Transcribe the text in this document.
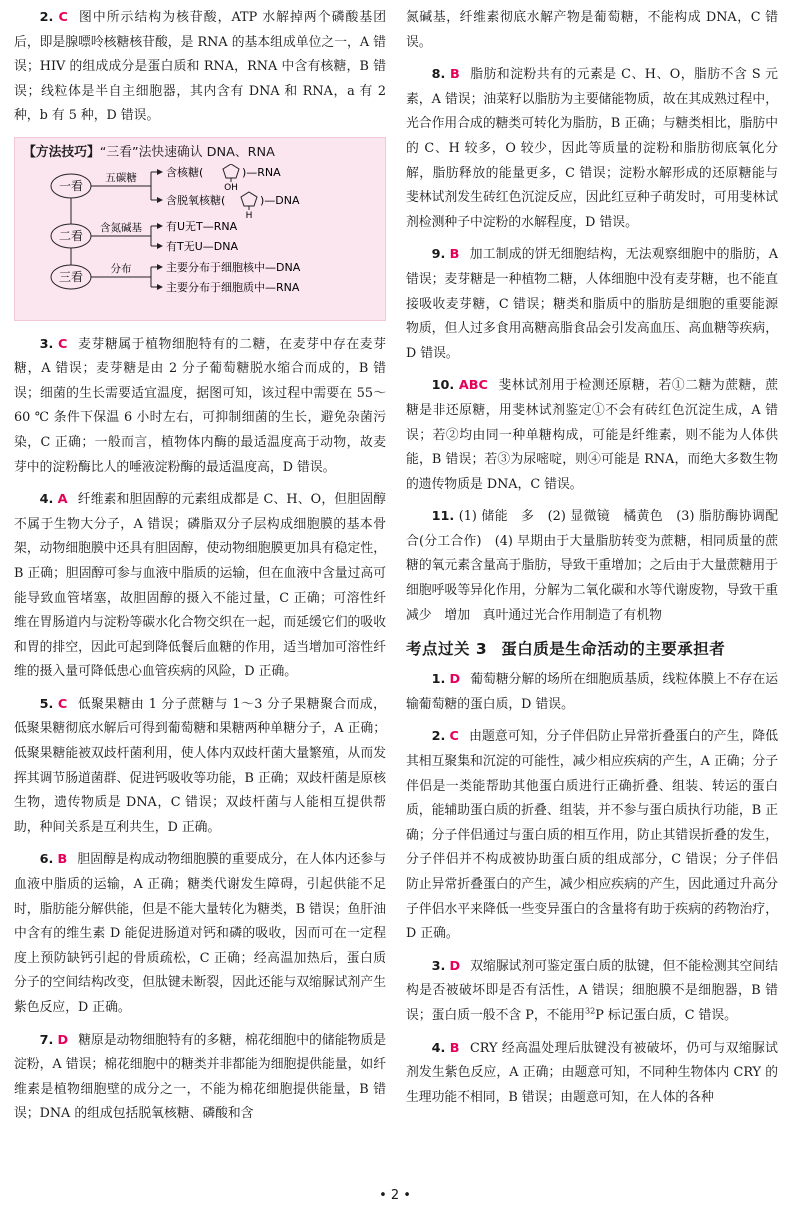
2. C 图中所示结构为核苷酸，ATP 水解掉两个磷酸基团后，即是腺嘌呤核糖核苷酸，是 RNA 的基本组成单位之一，A 错误；HIV 的组成成分是蛋白质和 RNA，RNA 中含有核糖，B 错误；线粒体是半自主细胞器，其内含有 DNA 和 RNA，a 有 2 种，b 有 5 种，D 错误。

【方法技巧】“三看”法快速确认 DNA、RNA
一看
二看
三看
五碳糖
含氮碱基
分布
含核糖(
OH
)—RNA
含脱氧核糖(
H
)—DNA
有U无T—RNA
有T无U—DNA
主要分布于细胞核中—DNA
主要分布于细胞质中—RNA

3. C 麦芽糖属于植物细胞特有的二糖，在麦芽中存在麦芽糖，A 错误；麦芽糖是由 2 分子葡萄糖脱水缩合而成的，B 错误；细菌的生长需要适宜温度，据图可知，该过程中需要在 55～60 ℃ 条件下保温 6 小时左右，可抑制细菌的生长，避免杂菌污染，C 正确；一般而言，植物体内酶的最适温度高于动物，故麦芽中的淀粉酶比人的唾液淀粉酶的最适温度高，D 错误。

4. A 纤维素和胆固醇的元素组成都是 C、H、O，但胆固醇不属于生物大分子，A 错误；磷脂双分子层构成细胞膜的基本骨架，动物细胞膜中还具有胆固醇，使动物细胞膜更加具有稳定性，B 正确；胆固醇可参与血液中脂质的运输，但在血液中含量过高可能导致血管堵塞，故胆固醇的摄入不能过量，C 正确；可溶性纤维在胃肠道内与淀粉等碳水化合物交织在一起，而延缓它们的吸收和胃的排空，因此可起到降低餐后血糖的作用，适当增加可溶性纤维的摄入量可降低患心血管疾病的风险，D 正确。

5. C 低聚果糖由 1 分子蔗糖与 1～3 分子果糖聚合而成，低聚果糖彻底水解后可得到葡萄糖和果糖两种单糖分子，A 正确；低聚果糖能被双歧杆菌利用，使人体内双歧杆菌大量繁殖，从而发挥其调节肠道菌群、促进钙吸收等功能，B 正确；双歧杆菌是原核生物，遗传物质是 DNA，C 错误；双歧杆菌与人能相互提供帮助，种间关系是互利共生，D 正确。

6. B 胆固醇是构成动物细胞膜的重要成分，在人体内还参与血液中脂质的运输，A 正确；糖类代谢发生障碍，引起供能不足时，脂肪能分解供能，但是不能大量转化为糖类，B 错误；鱼肝油中含有的维生素 D 能促进肠道对钙和磷的吸收，因而可在一定程度上预防缺钙引起的骨质疏松，C 正确；经高温加热后，蛋白质分子的空间结构改变，但肽键未断裂，因此还能与双缩脲试剂产生紫色反应，D 正确。

7. D 糖原是动物细胞特有的多糖，棉花细胞中的储能物质是淀粉，A 错误；棉花细胞中的糖类并非都能为细胞提供能量，如纤维素是植物细胞壁的成分之一，不能为棉花细胞提供能量，B 错误；DNA 的组成包括脱氧核糖、磷酸和含

氮碱基，纤维素彻底水解产物是葡萄糖，不能构成 DNA，C 错误。

8. B 脂肪和淀粉共有的元素是 C、H、O，脂肪不含 S 元素，A 错误；油菜籽以脂肪为主要储能物质，故在其成熟过程中，光合作用合成的糖类可转化为脂肪，B 正确；与糖类相比，脂肪中的 C、H 较多，O 较少，因此等质量的淀粉和脂肪彻底氧化分解，脂肪释放的能量更多，C 错误；淀粉水解形成的还原糖能与斐林试剂发生砖红色沉淀反应，因此红豆种子萌发时，可用斐林试剂检测种子中淀粉的水解程度，D 错误。

9. B 加工制成的饼无细胞结构，无法观察细胞中的脂肪，A 错误；麦芽糖是一种植物二糖，人体细胞中没有麦芽糖，也不能直接吸收麦芽糖，C 错误；糖类和脂质中的脂肪是细胞的重要能源物质，但人过多食用高糖高脂食品会引发高血压、高血糖等疾病，D 错误。

10. ABC 斐林试剂用于检测还原糖，若①二糖为蔗糖，蔗糖是非还原糖，用斐林试剂鉴定①不会有砖红色沉淀生成，A 错误；若②均由同一种单糖构成，可能是纤维素，则不能为人体供能，B 错误；若③为尿嘧啶，则④可能是 RNA，而绝大多数生物的遗传物质是 DNA，C 错误。

11. (1) 储能　多　(2) 显微镜　橘黄色　(3) 脂肪酶协调配合(分工合作)　(4) 早期由于大量脂肪转变为蔗糖，相同质量的蔗糖的氧元素含量高于脂肪，导致干重增加；之后由于大量蔗糖用于细胞呼吸等异化作用，分解为二氧化碳和水等代谢废物，导致干重减少　增加　真叶通过光合作用制造了有机物

考点过关 3 蛋白质是生命活动的主要承担者

1. D 葡萄糖分解的场所在细胞质基质，线粒体膜上不存在运输葡萄糖的蛋白质，D 错误。

2. C 由题意可知，分子伴侣防止异常折叠蛋白的产生，降低其相互聚集和沉淀的可能性，减少相应疾病的产生，A 正确；分子伴侣是一类能帮助其他蛋白质进行正确折叠、组装、转运的蛋白质，能辅助蛋白质的折叠、组装，并不参与蛋白质执行功能，B 正确；分子伴侣通过与蛋白质的相互作用，防止其错误折叠的发生，分子伴侣并不构成被协助蛋白质的组成部分，C 错误；分子伴侣防止异常折叠蛋白的产生，减少相应疾病的产生，因此通过升高分子伴侣水平来降低一些变异蛋白的含量将有助于疾病的药物治疗，D 正确。

3. D 双缩脲试剂可鉴定蛋白质的肽键，但不能检测其空间结构是否被破坏即是否有活性，A 错误；细胞膜不是细胞器，B 错误；蛋白质一般不含 P，不能用$^{32}$P 标记蛋白质，C 错误。

4. B CRY 经高温处理后肽键没有被破坏，仍可与双缩脲试剂发生紫色反应，A 正确；由题意可知，不同种生物体内 CRY 的生理功能不相同，B 错误；由题意可知，在人体的各种

• 2 •
